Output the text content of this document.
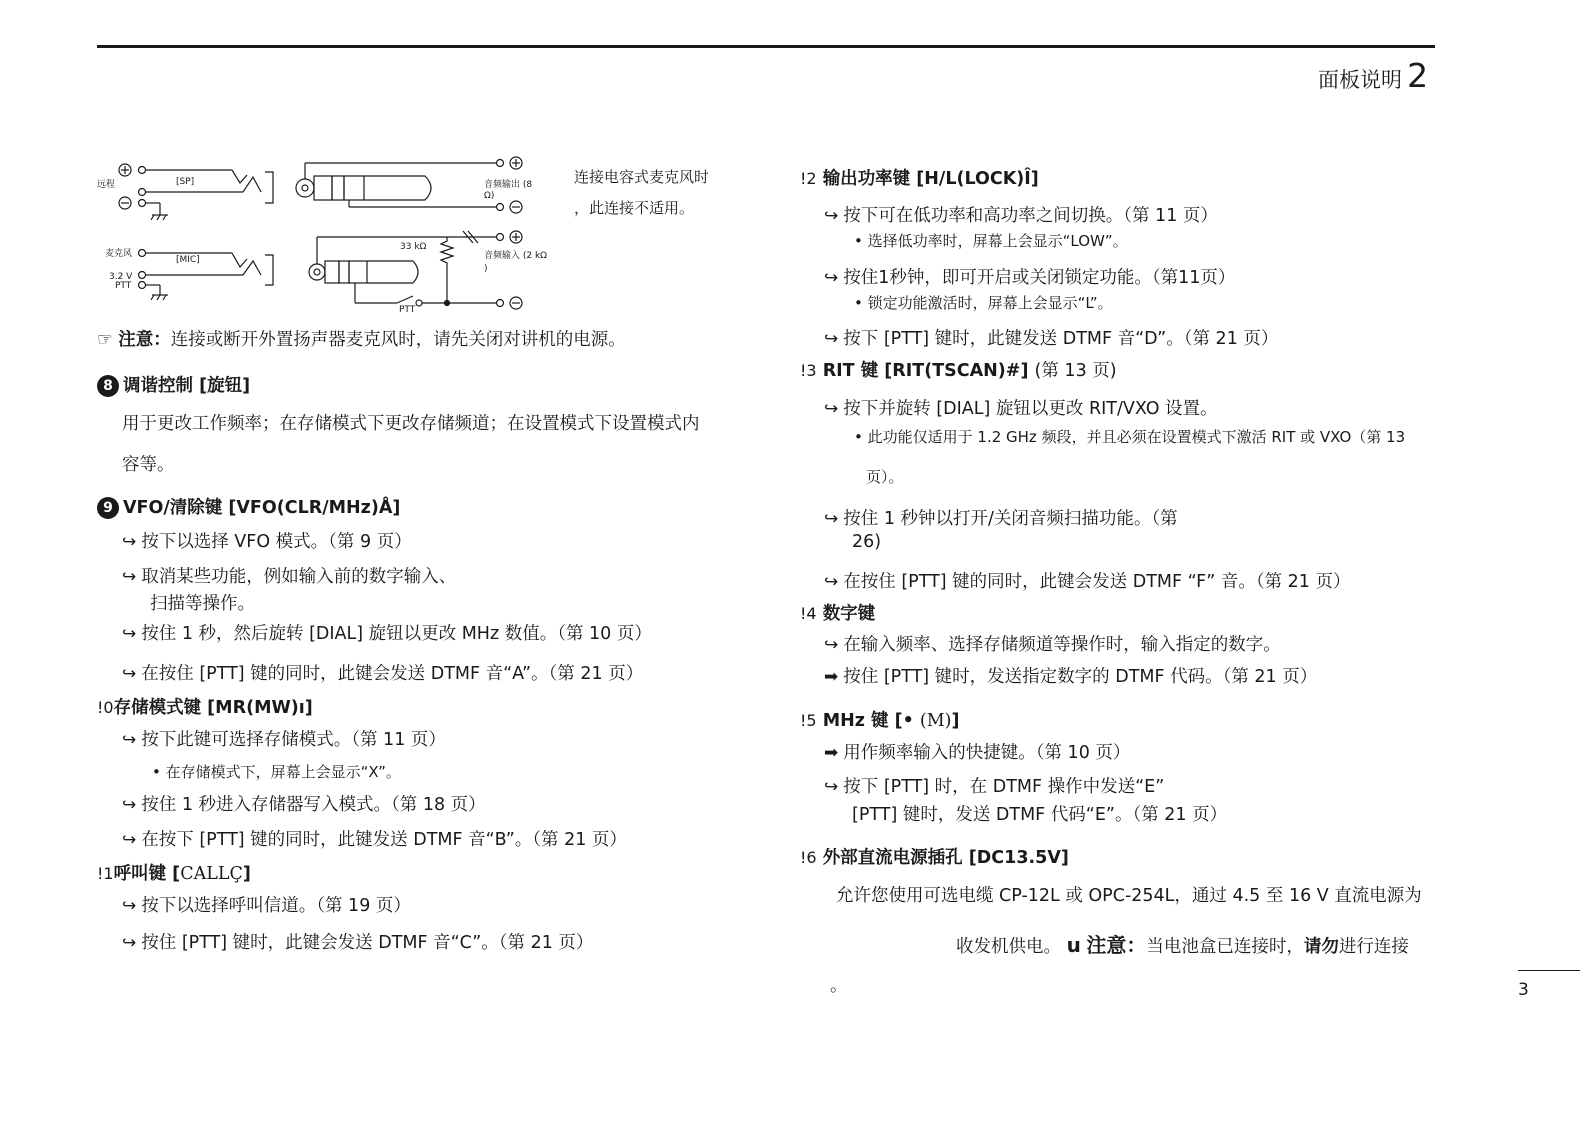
面板说明 2
远程	[SP]	音频输出 (8
Ω)
麦克风
[MIC]
33 kΩ
音频输入 (2 kΩ
)
3.2 V
PTT
PTT
连接电容式麦克风时
，此连接不适用。
☞ 注意：连接或断开外置扬声器麦克风时，请先关闭对讲机的电源。
8 调谐控制 [旋钮]
用于更改工作频率；在存储模式下更改存储频道；在设置模式下设置模式内
容等。
9 VFO/清除键 [VFO(CLR/MHz)Å]
↪ 按下以选择 VFO 模式。（第 9 页）
↪ 取消某些功能，例如输入前的数字输入、
扫描等操作。
↪ 按住 1 秒，然后旋转 [DIAL] 旋钮以更改 MHz 数值。（第 10 页）
↪ 在按住 [PTT] 键的同时，此键会发送 DTMF 音“A”。（第 21 页）
!0存储模式键 [MR(MW)ı]
↪ 按下此键可选择存储模式。（第 11 页）
• 在存储模式下，屏幕上会显示“X”。
↪ 按住 1 秒进入存储器写入模式。（第 18 页）
↪ 在按下 [PTT] 键的同时，此键发送 DTMF 音“B”。（第 21 页）
!1呼叫键 [CALLÇ]
↪ 按下以选择呼叫信道。（第 19 页）
↪ 按住 [PTT] 键时，此键会发送 DTMF 音“C”。（第 21 页）
!2 输出功率键 [H/L(LOCK)Î]
↪ 按下可在低功率和高功率之间切换。（第 11 页）
• 选择低功率时，屏幕上会显示“LOW”。
↪ 按住1秒钟，即可开启或关闭锁定功能。（第11页）
• 锁定功能激活时，屏幕上会显示“L”。
↪ 按下 [PTT] 键时，此键发送 DTMF 音“D”。（第 21 页）
!3 RIT 键 [RIT(TSCAN)#] (第 13 页)
↪ 按下并旋转 [DIAL] 旋钮以更改 RIT/VXO 设置。
• 此功能仅适用于 1.2 GHz 频段，并且必须在设置模式下激活 RIT 或 VXO（第 13
页）。
↪ 按住 1 秒钟以打开/关闭音频扫描功能。（第
26)
↪ 在按住 [PTT] 键的同时，此键会发送 DTMF “F” 音。（第 21 页）
!4 数字键
↪ 在输入频率、选择存储频道等操作时，输入指定的数字。
➡ 按住 [PTT] 键时，发送指定数字的 DTMF 代码。（第 21 页）
!5 MHz 键 [• (M)]
➡ 用作频率输入的快捷键。（第 10 页）
↪ 按下 [PTT] 时，在 DTMF 操作中发送“E”
[PTT] 键时，发送 DTMF 代码“E”。（第 21 页）
!6 外部直流电源插孔 [DC13.5V]
允许您使用可选电缆 CP-12L 或 OPC-254L，通过 4.5 至 16 V 直流电源为
收发机供电。 u 注意：当电池盒已连接时，请勿进行连接
。	3
